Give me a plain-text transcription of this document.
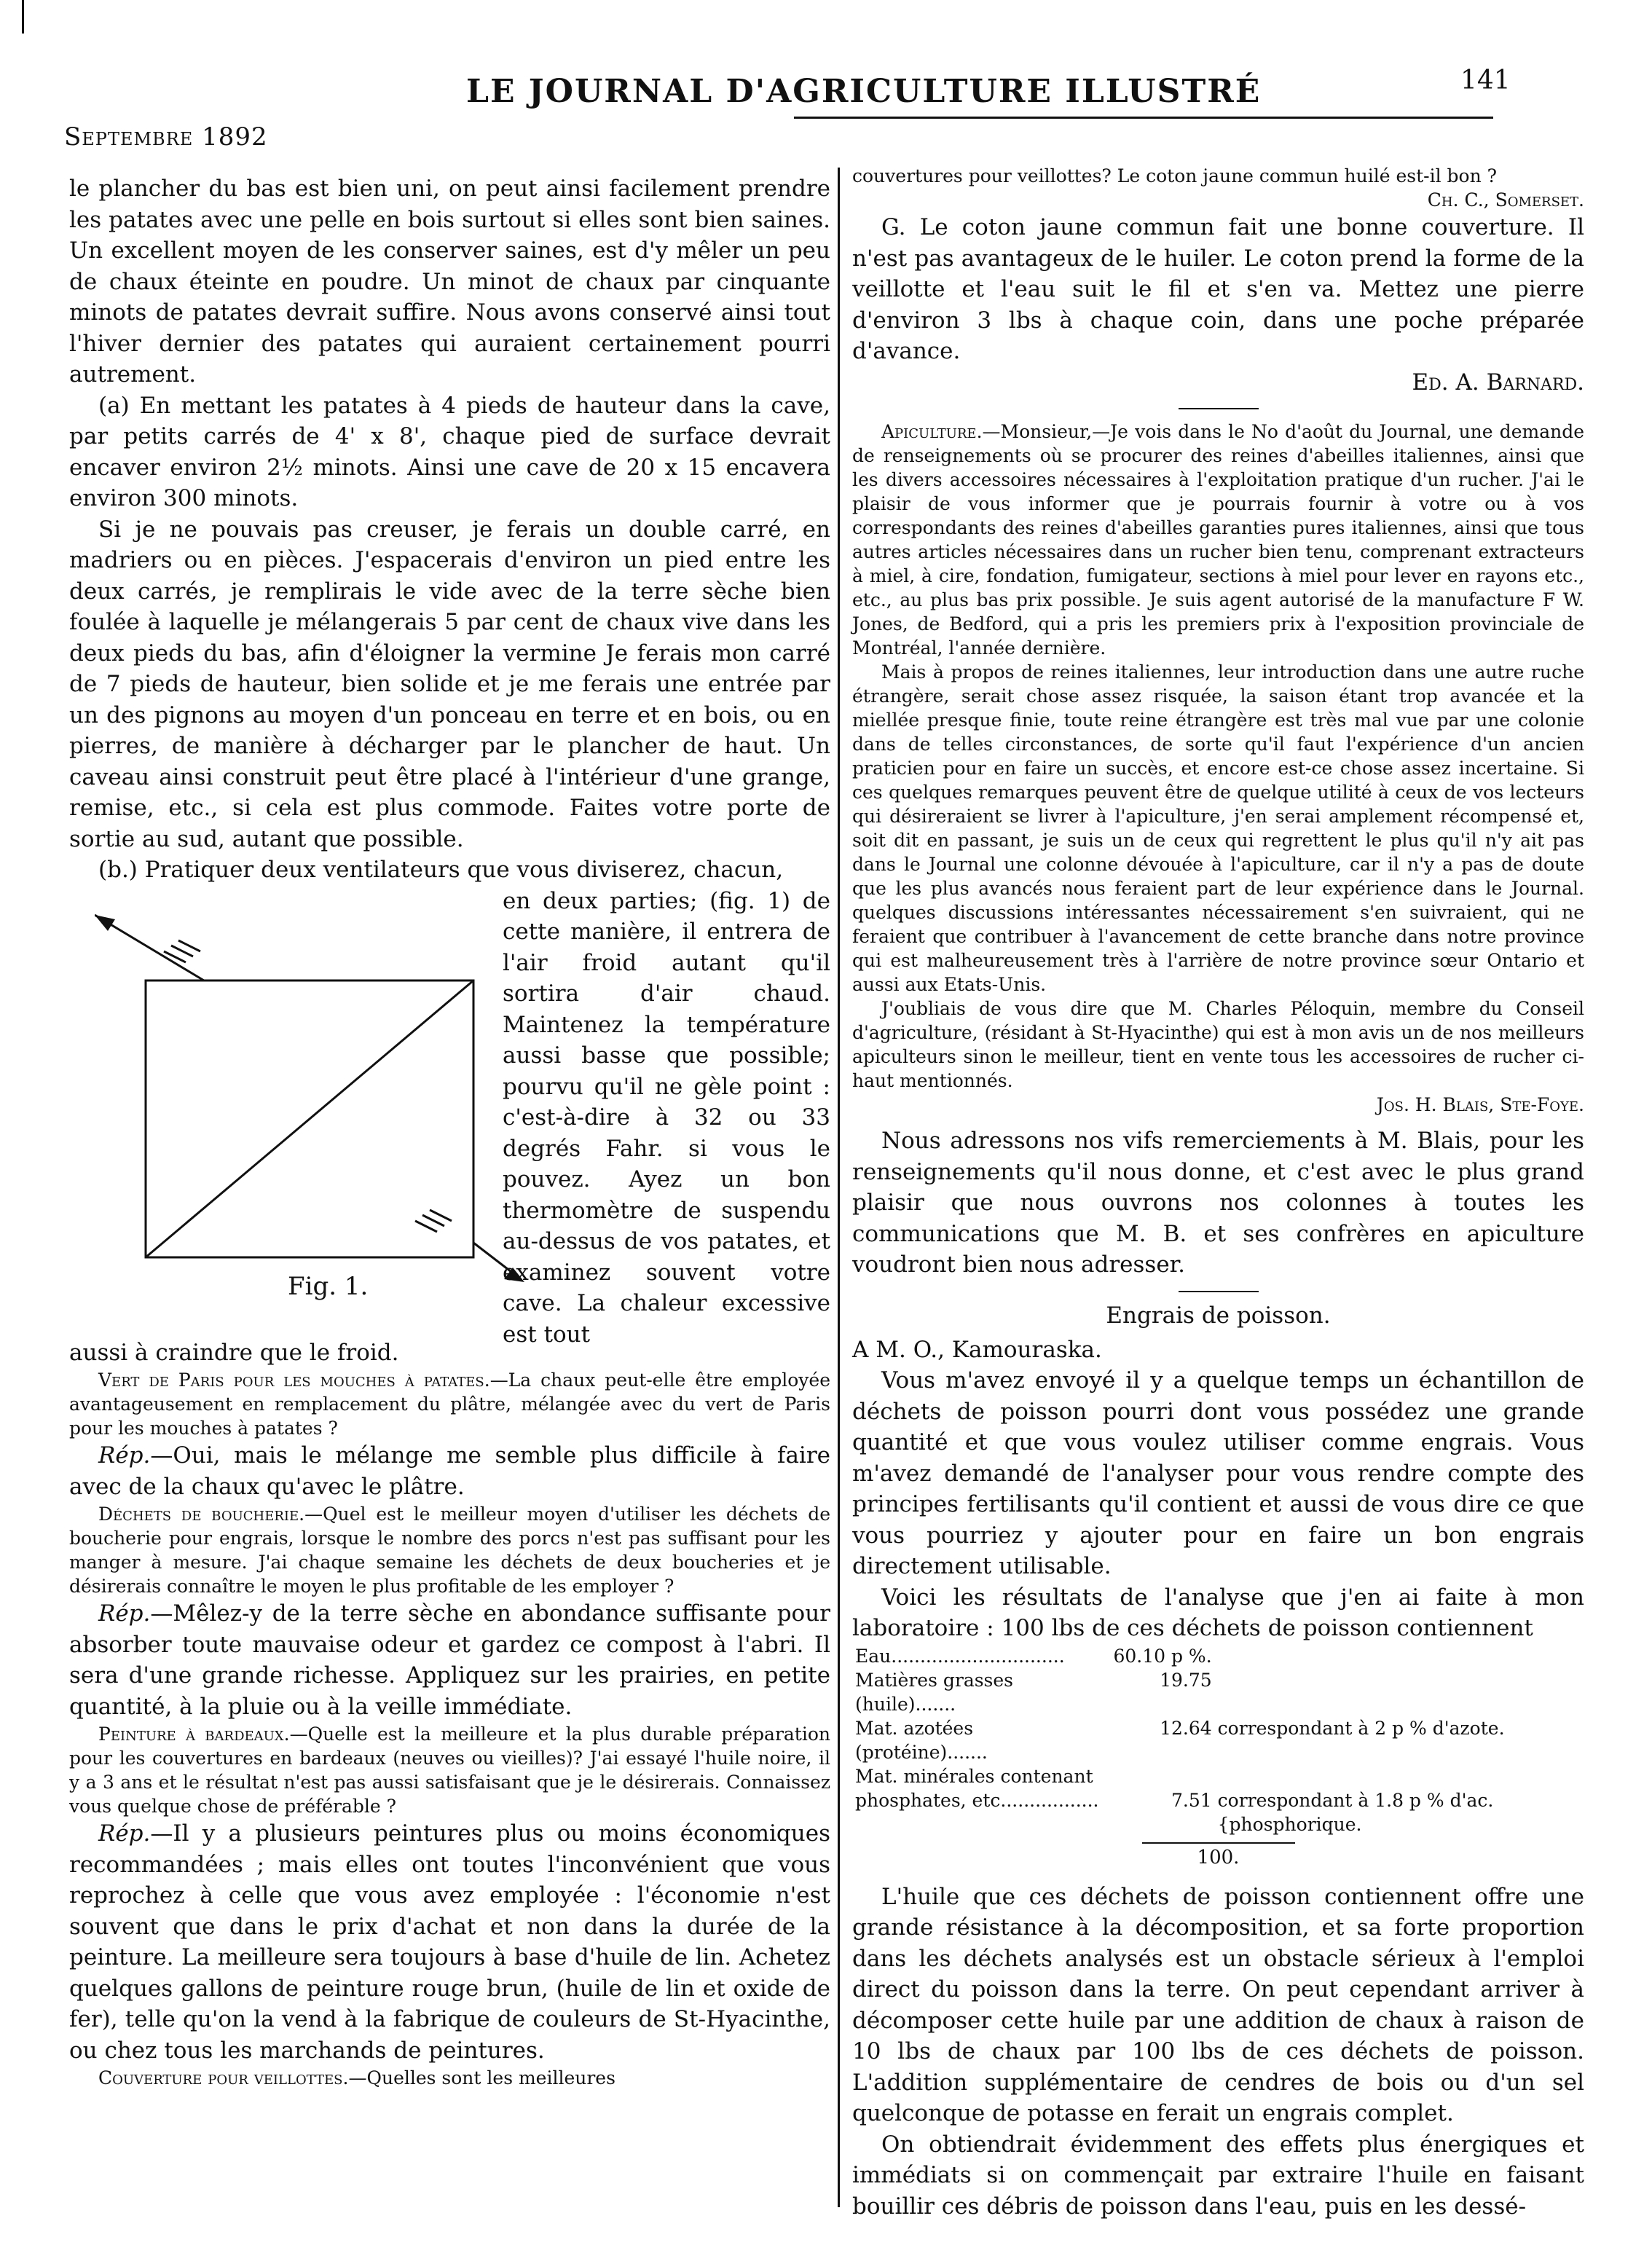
Septembre 1892
LE JOURNAL D'AGRICULTURE ILLUSTRÉ	141

le plancher du bas est bien uni, on peut ainsi facilement prendre les patates avec une pelle en bois surtout si elles sont bien saines. Un excellent moyen de les conserver saines, est d'y mêler un peu de chaux éteinte en poudre. Un minot de chaux par cinquante minots de patates devrait suffire. Nous avons conservé ainsi tout l'hiver dernier des patates qui auraient certainement pourri autrement.

(a) En mettant les patates à 4 pieds de hauteur dans la cave, par petits carrés de 4' x 8', chaque pied de surface devrait encaver environ 2½ minots. Ainsi une cave de 20 x 15 encavera environ 300 minots.

Si je ne pouvais pas creuser, je ferais un double carré, en madriers ou en pièces. J'espacerais d'environ un pied entre les deux carrés, je remplirais le vide avec de la terre sèche bien foulée à laquelle je mélangerais 5 par cent de chaux vive dans les deux pieds du bas, afin d'éloigner la vermine Je ferais mon carré de 7 pieds de hauteur, bien solide et je me ferais une entrée par un des pignons au moyen d'un ponceau en terre et en bois, ou en pierres, de manière à décharger par le plancher de haut. Un caveau ainsi construit peut être placé à l'intérieur d'une grange, remise, etc., si cela est plus commode. Faites votre porte de sortie au sud, autant que possible.

(b.) Pratiquer deux ventilateurs que vous diviserez, chacun,

Fig. 1.
en deux parties; (fig. 1) de cette manière, il entrera de l'air froid autant qu'il sortira d'air chaud. Maintenez la température aussi basse que possible; pourvu qu'il ne gèle point : c'est-à-dire à 32 ou 33 degrés Fahr. si vous le pouvez. Ayez un bon thermomètre de suspendu au-dessus de vos patates, et examinez souvent votre cave. La chaleur excessive est tout

aussi à craindre que le froid.

Vert de Paris pour les mouches à patates.—La chaux peut-elle être employée avantageusement en remplacement du plâtre, mélangée avec du vert de Paris pour les mouches à patates ?

Rép.—Oui, mais le mélange me semble plus difficile à faire avec de la chaux qu'avec le plâtre.

Déchets de boucherie.—Quel est le meilleur moyen d'utiliser les déchets de boucherie pour engrais, lorsque le nombre des porcs n'est pas suffisant pour les manger à mesure. J'ai chaque semaine les déchets de deux boucheries et je désirerais connaître le moyen le plus profitable de les employer ?

Rép.—Mêlez-y de la terre sèche en abondance suffisante pour absorber toute mauvaise odeur et gardez ce compost à l'abri. Il sera d'une grande richesse. Appliquez sur les prairies, en petite quantité, à la pluie ou à la veille immédiate.

Peinture à bardeaux.—Quelle est la meilleure et la plus durable préparation pour les couvertures en bardeaux (neuves ou vieilles)? J'ai essayé l'huile noire, il y a 3 ans et le résultat n'est pas aussi satisfaisant que je le désirerais. Connaissez vous quelque chose de préférable ?

Rép.—Il y a plusieurs peintures plus ou moins économiques recommandées ; mais elles ont toutes l'inconvénient que vous reprochez à celle que vous avez employée : l'économie n'est souvent que dans le prix d'achat et non dans la durée de la peinture. La meilleure sera toujours à base d'huile de lin. Achetez quelques gallons de peinture rouge brun, (huile de lin et oxide de fer), telle qu'on la vend à la fabrique de couleurs de St-Hyacinthe, ou chez tous les marchands de peintures.

Couverture pour veillottes.—Quelles sont les meilleures

couvertures pour veillottes? Le coton jaune commun huilé est-il bon ?

Ch. C., Somerset.

G. Le coton jaune commun fait une bonne couverture. Il n'est pas avantageux de le huiler. Le coton prend la forme de la veillotte et l'eau suit le fil et s'en va. Mettez une pierre d'environ 3 lbs à chaque coin, dans une poche préparée d'avance.

Ed. A. Barnard.

Apiculture.—Monsieur,—Je vois dans le No d'août du Journal, une demande de renseignements où se procurer des reines d'abeilles italiennes, ainsi que les divers accessoires nécessaires à l'exploitation pratique d'un rucher. J'ai le plaisir de vous informer que je pourrais fournir à votre ou à vos correspondants des reines d'abeilles garanties pures italiennes, ainsi que tous autres articles nécessaires dans un rucher bien tenu, comprenant extracteurs à miel, à cire, fondation, fumigateur, sections à miel pour lever en rayons etc., etc., au plus bas prix possible. Je suis agent autorisé de la manufacture F W. Jones, de Bedford, qui a pris les premiers prix à l'exposition provinciale de Montréal, l'année dernière.

Mais à propos de reines italiennes, leur introduction dans une autre ruche étrangère, serait chose assez risquée, la saison étant trop avancée et la miellée presque finie, toute reine étrangère est très mal vue par une colonie dans de telles circonstances, de sorte qu'il faut l'expérience d'un ancien praticien pour en faire un succès, et encore est-ce chose assez incertaine. Si ces quelques remarques peuvent être de quelque utilité à ceux de vos lecteurs qui désireraient se livrer à l'apiculture, j'en serai amplement récompensé et, soit dit en passant, je suis un de ceux qui regrettent le plus qu'il n'y ait pas dans le Journal une colonne dévouée à l'apiculture, car il n'y a pas de doute que les plus avancés nous feraient part de leur expérience dans le Journal. quelques discussions intéressantes nécessairement s'en suivraient, qui ne feraient que contribuer à l'avancement de cette branche dans notre province qui est malheureusement très à l'arrière de notre province sœur Ontario et aussi aux Etats-Unis.

J'oubliais de vous dire que M. Charles Péloquin, membre du Conseil d'agriculture, (résidant à St-Hyacinthe) qui est à mon avis un de nos meilleurs apiculteurs sinon le meilleur, tient en vente tous les accessoires de rucher ci-haut mentionnés.

Jos. H. Blais, Ste-Foye.

Nous adressons nos vifs remerciements à M. Blais, pour les renseignements qu'il nous donne, et c'est avec le plus grand plaisir que nous ouvrons nos colonnes à toutes les communications que M. B. et ses confrères en apiculture voudront bien nous adresser.

Engrais de poisson.

A M. O., Kamouraska.

Vous m'avez envoyé il y a quelque temps un échantillon de déchets de poisson pourri dont vous possédez une grande quantité et que vous voulez utiliser comme engrais. Vous m'avez demandé de l'analyser pour vous rendre compte des principes fertilisants qu'il contient et aussi de vous dire ce que vous pourriez y ajouter pour en faire un bon engrais directement utilisable.

Voici les résultats de l'analyse que j'en ai faite à mon laboratoire : 100 lbs de ces déchets de poisson contiennent

Eau..............................	60.10 p %.	
Matières grasses (huile).......	19.75	
Mat. azotées (protéine).......	12.64	correspondant à 2 p % d'azote.
Mat. minérales contenant		
phosphates, etc.................	7.51	correspondant à 1.8 p % d'ac. {phosphorique.
100.

L'huile que ces déchets de poisson contiennent offre une grande résistance à la décomposition, et sa forte proportion dans les déchets analysés est un obstacle sérieux à l'emploi direct du poisson dans la terre. On peut cependant arriver à décomposer cette huile par une addition de chaux à raison de 10 lbs de chaux par 100 lbs de ces déchets de poisson. L'addition supplémentaire de cendres de bois ou d'un sel quelconque de potasse en ferait un engrais complet.

On obtiendrait évidemment des effets plus énergiques et immédiats si on commençait par extraire l'huile en faisant bouillir ces débris de poisson dans l'eau, puis en les dessé-
